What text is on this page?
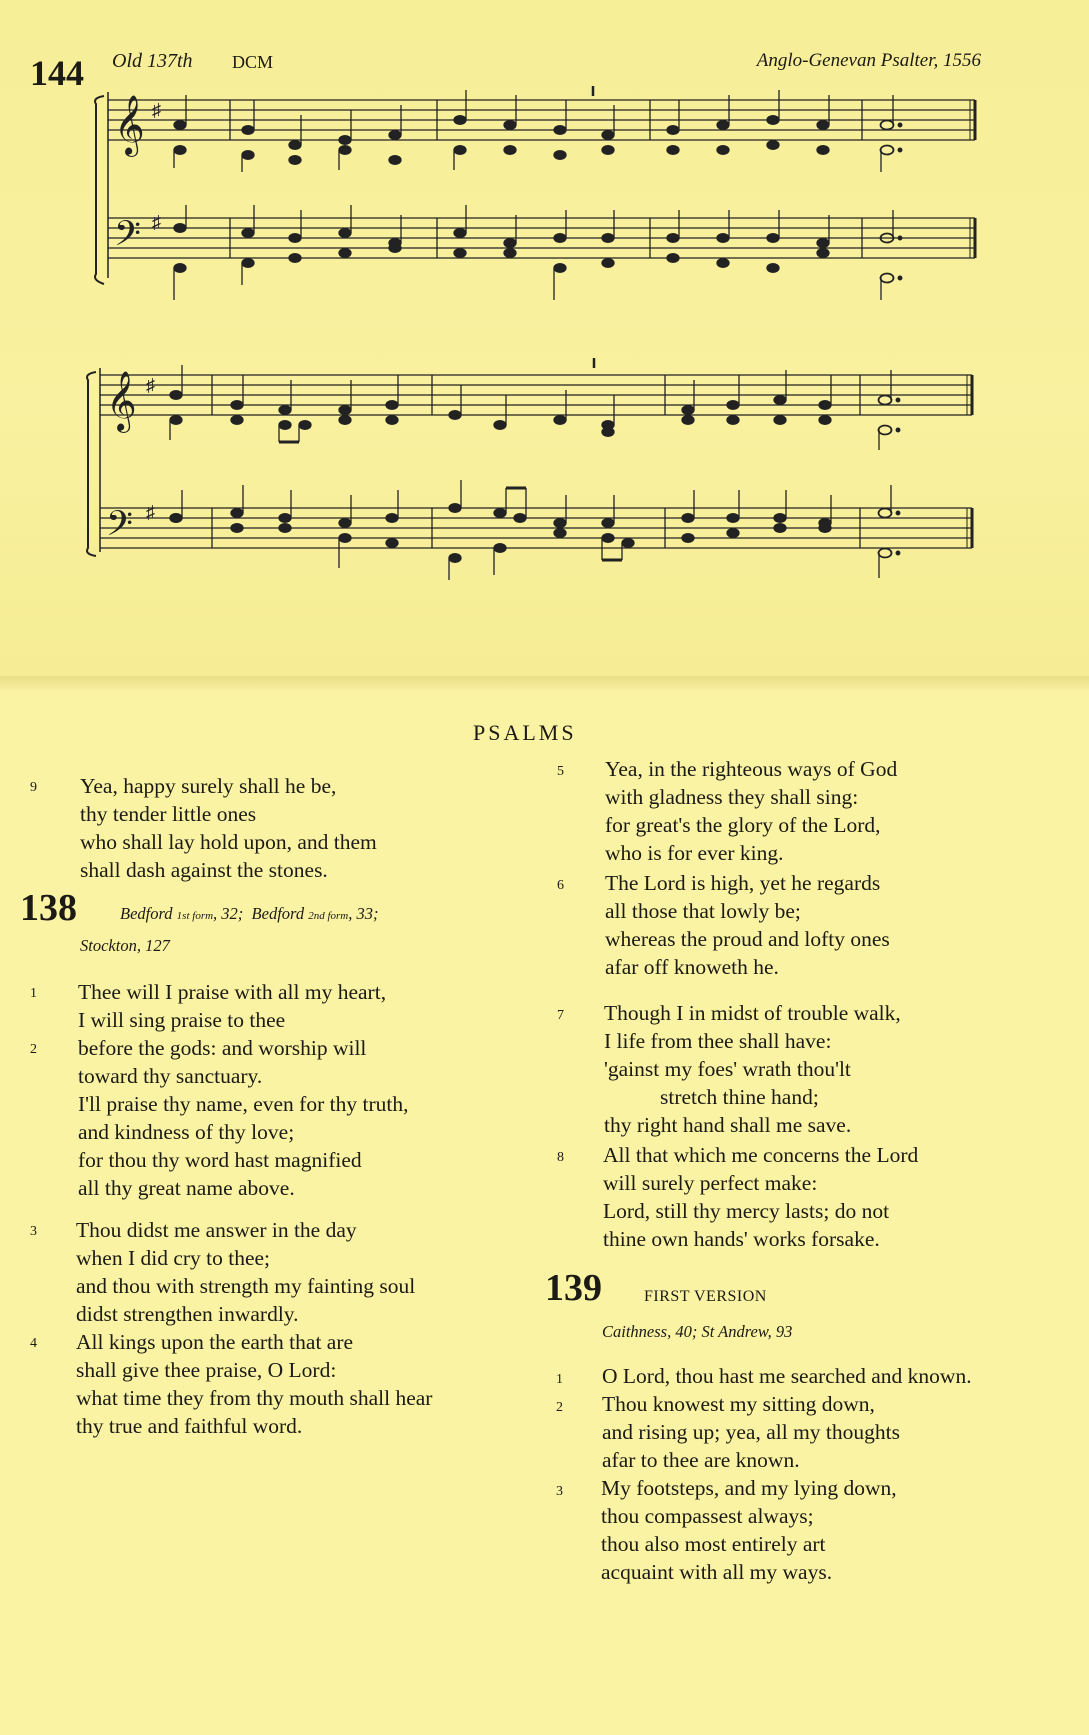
144 Old 137th DCM	Anglo-Genevan Psalter, 1556
𝄞
𝄢
♯
♯
𝄞
𝄢
♯
♯
PSALMS
9	Yea, happy surely shall he be,
thy tender little ones
who shall lay hold upon, and them
shall dash against the stones.
138	Bedford 1st form, 32; Bedford 2nd form, 33;
Stockton, 127
1	Thee will I praise with all my heart,
I will sing praise to thee
2	before the gods: and worship will
toward thy sanctuary.
I'll praise thy name, even for thy truth,
and kindness of thy love;
for thou thy word hast magnified
all thy great name above.
3	Thou didst me answer in the day
when I did cry to thee;
and thou with strength my fainting soul
didst strengthen inwardly.
4	All kings upon the earth that are
shall give thee praise, O Lord:
what time they from thy mouth shall hear
thy true and faithful word.
5	Yea, in the righteous ways of God
with gladness they shall sing:
for great's the glory of the Lord,
who is for ever king.
6	The Lord is high, yet he regards
all those that lowly be;
whereas the proud and lofty ones
afar off knoweth he.
7	Though I in midst of trouble walk,
I life from thee shall have:
'gainst my foes' wrath thou'lt
stretch thine hand;
thy right hand shall me save.
8	All that which me concerns the Lord
will surely perfect make:
Lord, still thy mercy lasts; do not
thine own hands' works forsake.
139	FIRST VERSION
Caithness, 40; St Andrew, 93
1	O Lord, thou hast me searched and known.
2	Thou knowest my sitting down,
and rising up; yea, all my thoughts
afar to thee are known.
3	My footsteps, and my lying down,
thou compassest always;
thou also most entirely art
acquaint with all my ways.
